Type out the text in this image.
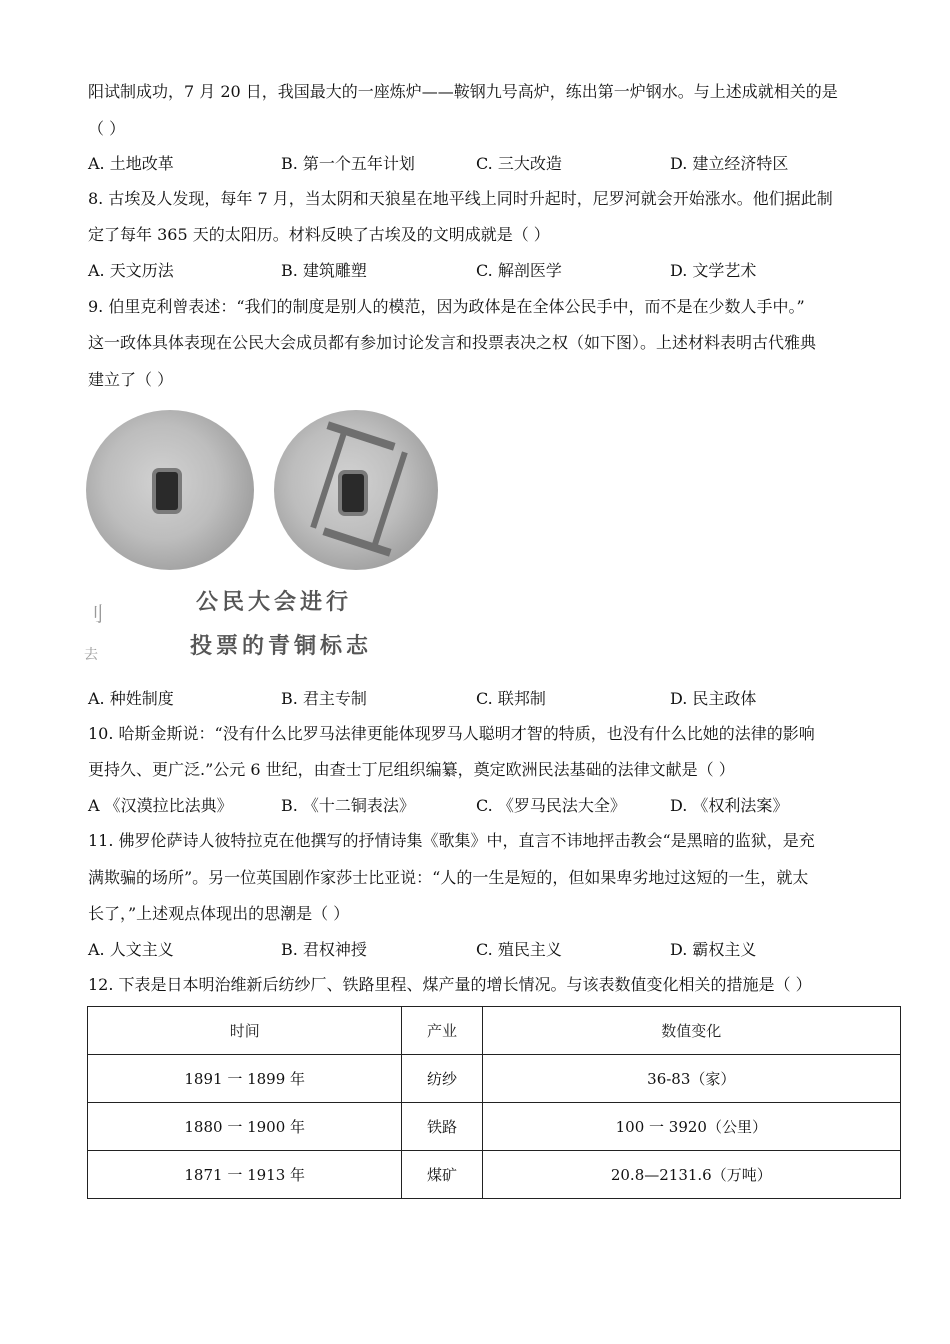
阳试制成功，7 月 20 日，我国最大的一座炼炉——鞍钢九号高炉，练出第一炉钢水。与上述成就相关的是
（ ）
A. 土地改革	B. 第一个五年计划	C. 三大改造	D. 建立经济特区
8. 古埃及人发现，每年 7 月，当太阴和天狼星在地平线上同时升起时，尼罗河就会开始涨水。他们据此制
定了每年 365 天的太阳历。材料反映了古埃及的文明成就是（ ）
A. 天文历法	B. 建筑雕塑	C. 解剖医学	D. 文学艺术
9. 伯里克利曾表述：“我们的制度是别人的模范，因为政体是在全体公民手中，而不是在少数人手中。”
这一政体具体表现在公民大会成员都有参加讨论发言和投票表决之权（如下图）。上述材料表明古代雅典
建立了（ ）
刂
去
公民大会进行
投票的青铜标志
A. 种姓制度	B. 君主专制	C. 联邦制	D. 民主政体
10. 哈斯金斯说：“没有什么比罗马法律更能体现罗马人聪明才智的特质，也没有什么比她的法律的影响
更持久、更广泛.”公元 6 世纪，由查士丁尼组织编纂，奠定欧洲民法基础的法律文献是（ ）
A 《汉漠拉比法典》	B. 《十二铜表法》	C. 《罗马民法大全》	D. 《权利法案》
11. 佛罗伦萨诗人彼特拉克在他撰写的抒情诗集《歌集》中，直言不讳地抨击教会“是黑暗的监狱，是充
满欺骗的场所”。另一位英国剧作家莎士比亚说：“人的一生是短的，但如果卑劣地过这短的一生，就太
长了，”上述观点体现出的思潮是（ ）
A. 人文主义	B. 君权神授	C. 殖民主义	D. 霸权主义
12. 下表是日本明治维新后纺纱厂、铁路里程、煤产量的增长情况。与该表数值变化相关的措施是（ ）
时间	产业	数值变化
1891 一 1899 年	纺纱	36-83（家）
1880 一 1900 年	铁路	100 一 3920（公里）
1871 一 1913 年	煤矿	20.8—2131.6（万吨）
